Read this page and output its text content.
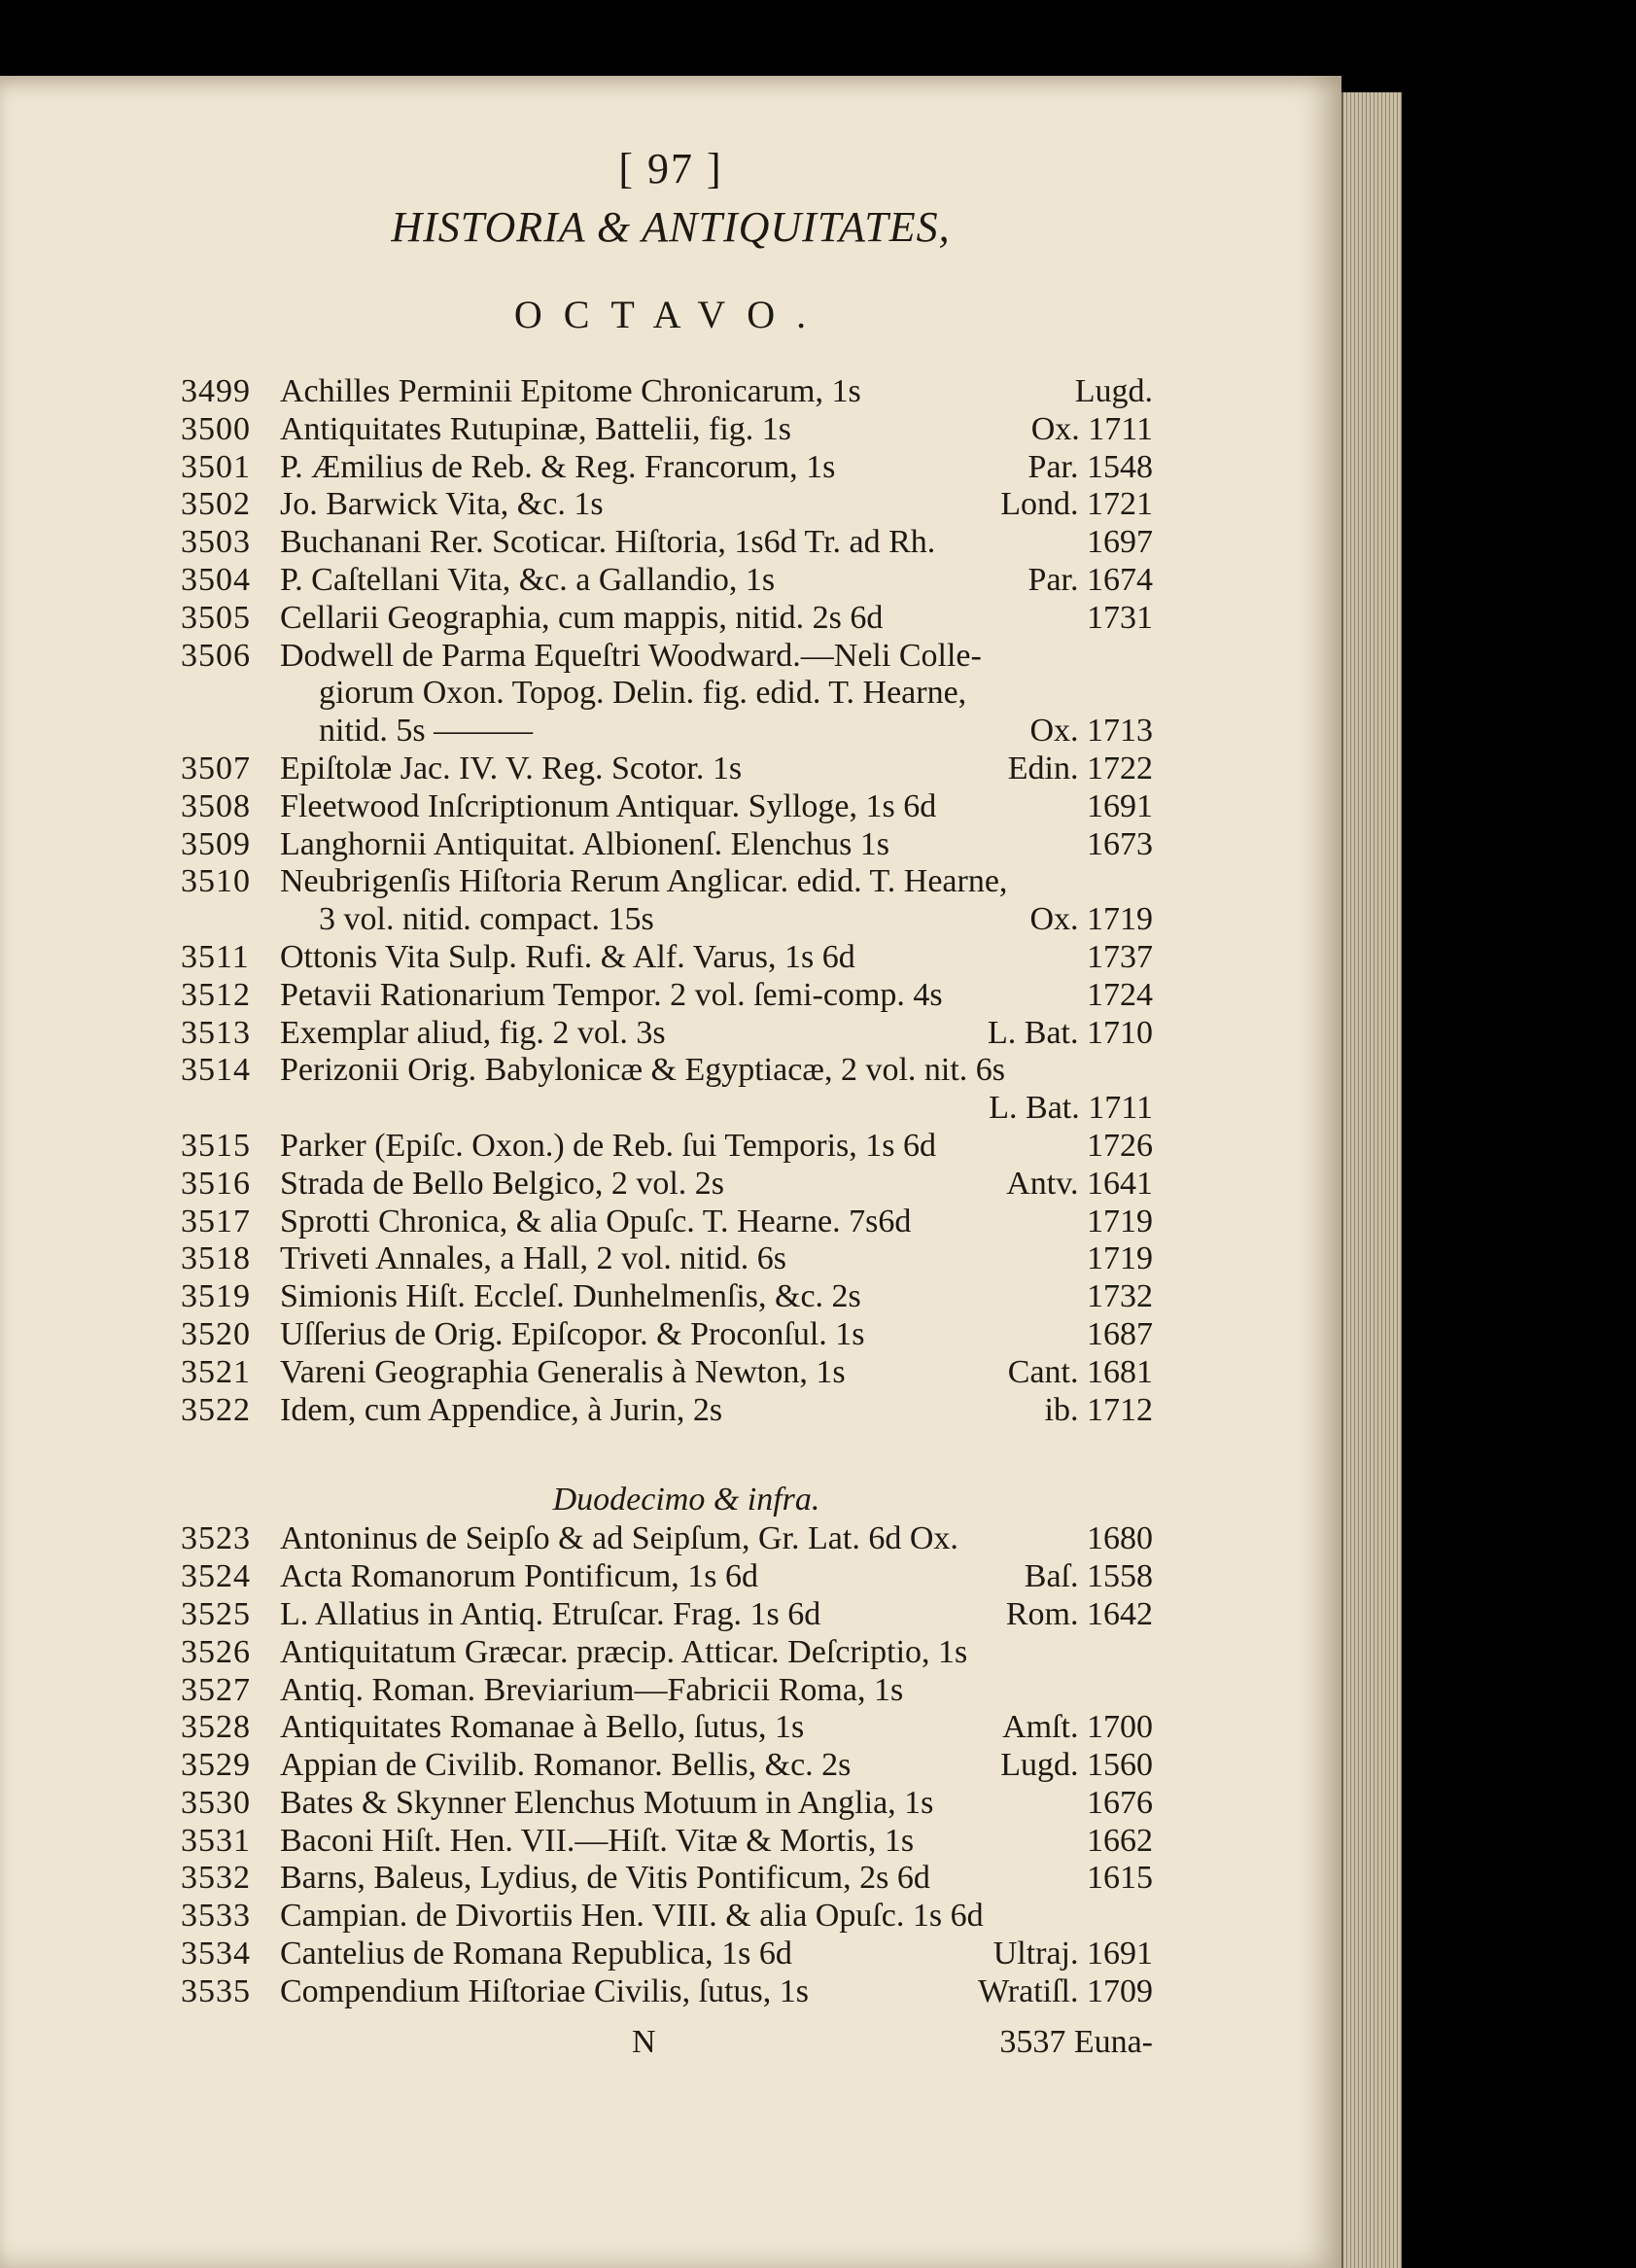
[ 97 ]
HISTORIA & ANTIQUITATES,
OCTAVO.
3499 Achilles Perminii Epitome Chronicarum, 1s	Lugd.
3500 Antiquitates Rutupinæ, Battelii, fig. 1s	Ox. 1711
3501 P. Æmilius de Reb. & Reg. Francorum, 1s	Par. 1548
3502 Jo. Barwick Vita, &c. 1s	Lond. 1721
3503 Buchanani Rer. Scoticar. Hiſtoria, 1s6d Tr. ad Rh.	1697
3504 P. Caſtellani Vita, &c. a Gallandio, 1s	Par. 1674
3505 Cellarii Geographia, cum mappis, nitid. 2s 6d	1731
3506 Dodwell de Parma Equeſtri Woodward.—Neli Colle-
giorum Oxon. Topog. Delin. fig. edid. T. Hearne,
nitid. 5s ———	Ox. 1713
3507 Epiſtolæ Jac. IV. V. Reg. Scotor. 1s	Edin. 1722
3508 Fleetwood Inſcriptionum Antiquar. Sylloge, 1s 6d	1691
3509 Langhornii Antiquitat. Albionenſ. Elenchus 1s	1673
3510 Neubrigenſis Hiſtoria Rerum Anglicar. edid. T. Hearne,
3 vol. nitid. compact. 15s	Ox. 1719
3511 Ottonis Vita Sulp. Rufi. & Alf. Varus, 1s 6d	1737
3512 Petavii Rationarium Tempor. 2 vol. ſemi-comp. 4s	1724
3513 Exemplar aliud, fig. 2 vol. 3s	L. Bat. 1710
3514 Perizonii Orig. Babylonicæ & Egyptiacæ, 2 vol. nit. 6s
L. Bat. 1711
3515 Parker (Epiſc. Oxon.) de Reb. ſui Temporis, 1s 6d	1726
3516 Strada de Bello Belgico, 2 vol. 2s	Antv. 1641
3517 Sprotti Chronica, & alia Opuſc. T. Hearne. 7s6d	1719
3518 Triveti Annales, a Hall, 2 vol. nitid. 6s	1719
3519 Simionis Hiſt. Eccleſ. Dunhelmenſis, &c. 2s	1732
3520 Uſſerius de Orig. Epiſcopor. & Proconſul. 1s	1687
3521 Vareni Geographia Generalis à Newton, 1s	Cant. 1681
3522 Idem, cum Appendice, à Jurin, 2s	ib. 1712
Duodecimo & infra.
3523 Antoninus de Seipſo & ad Seipſum, Gr. Lat. 6d Ox.	1680
3524 Acta Romanorum Pontificum, 1s 6d	Baſ. 1558
3525 L. Allatius in Antiq. Etruſcar. Frag. 1s 6d	Rom. 1642
3526 Antiquitatum Græcar. præcip. Atticar. Deſcriptio, 1s
3527 Antiq. Roman. Breviarium—Fabricii Roma, 1s
3528 Antiquitates Romanae à Bello, ſutus, 1s	Amſt. 1700
3529 Appian de Civilib. Romanor. Bellis, &c. 2s	Lugd. 1560
3530 Bates & Skynner Elenchus Motuum in Anglia, 1s	1676
3531 Baconi Hiſt. Hen. VII.—Hiſt. Vitæ & Mortis, 1s	1662
3532 Barns, Baleus, Lydius, de Vitis Pontificum, 2s 6d	1615
3533 Campian. de Divortiis Hen. VIII. & alia Opuſc. 1s 6d
3534 Cantelius de Romana Republica, 1s 6d	Ultraj. 1691
3535 Compendium Hiſtoriae Civilis, ſutus, 1s	Wratiſl. 1709
N	3537 Euna-
